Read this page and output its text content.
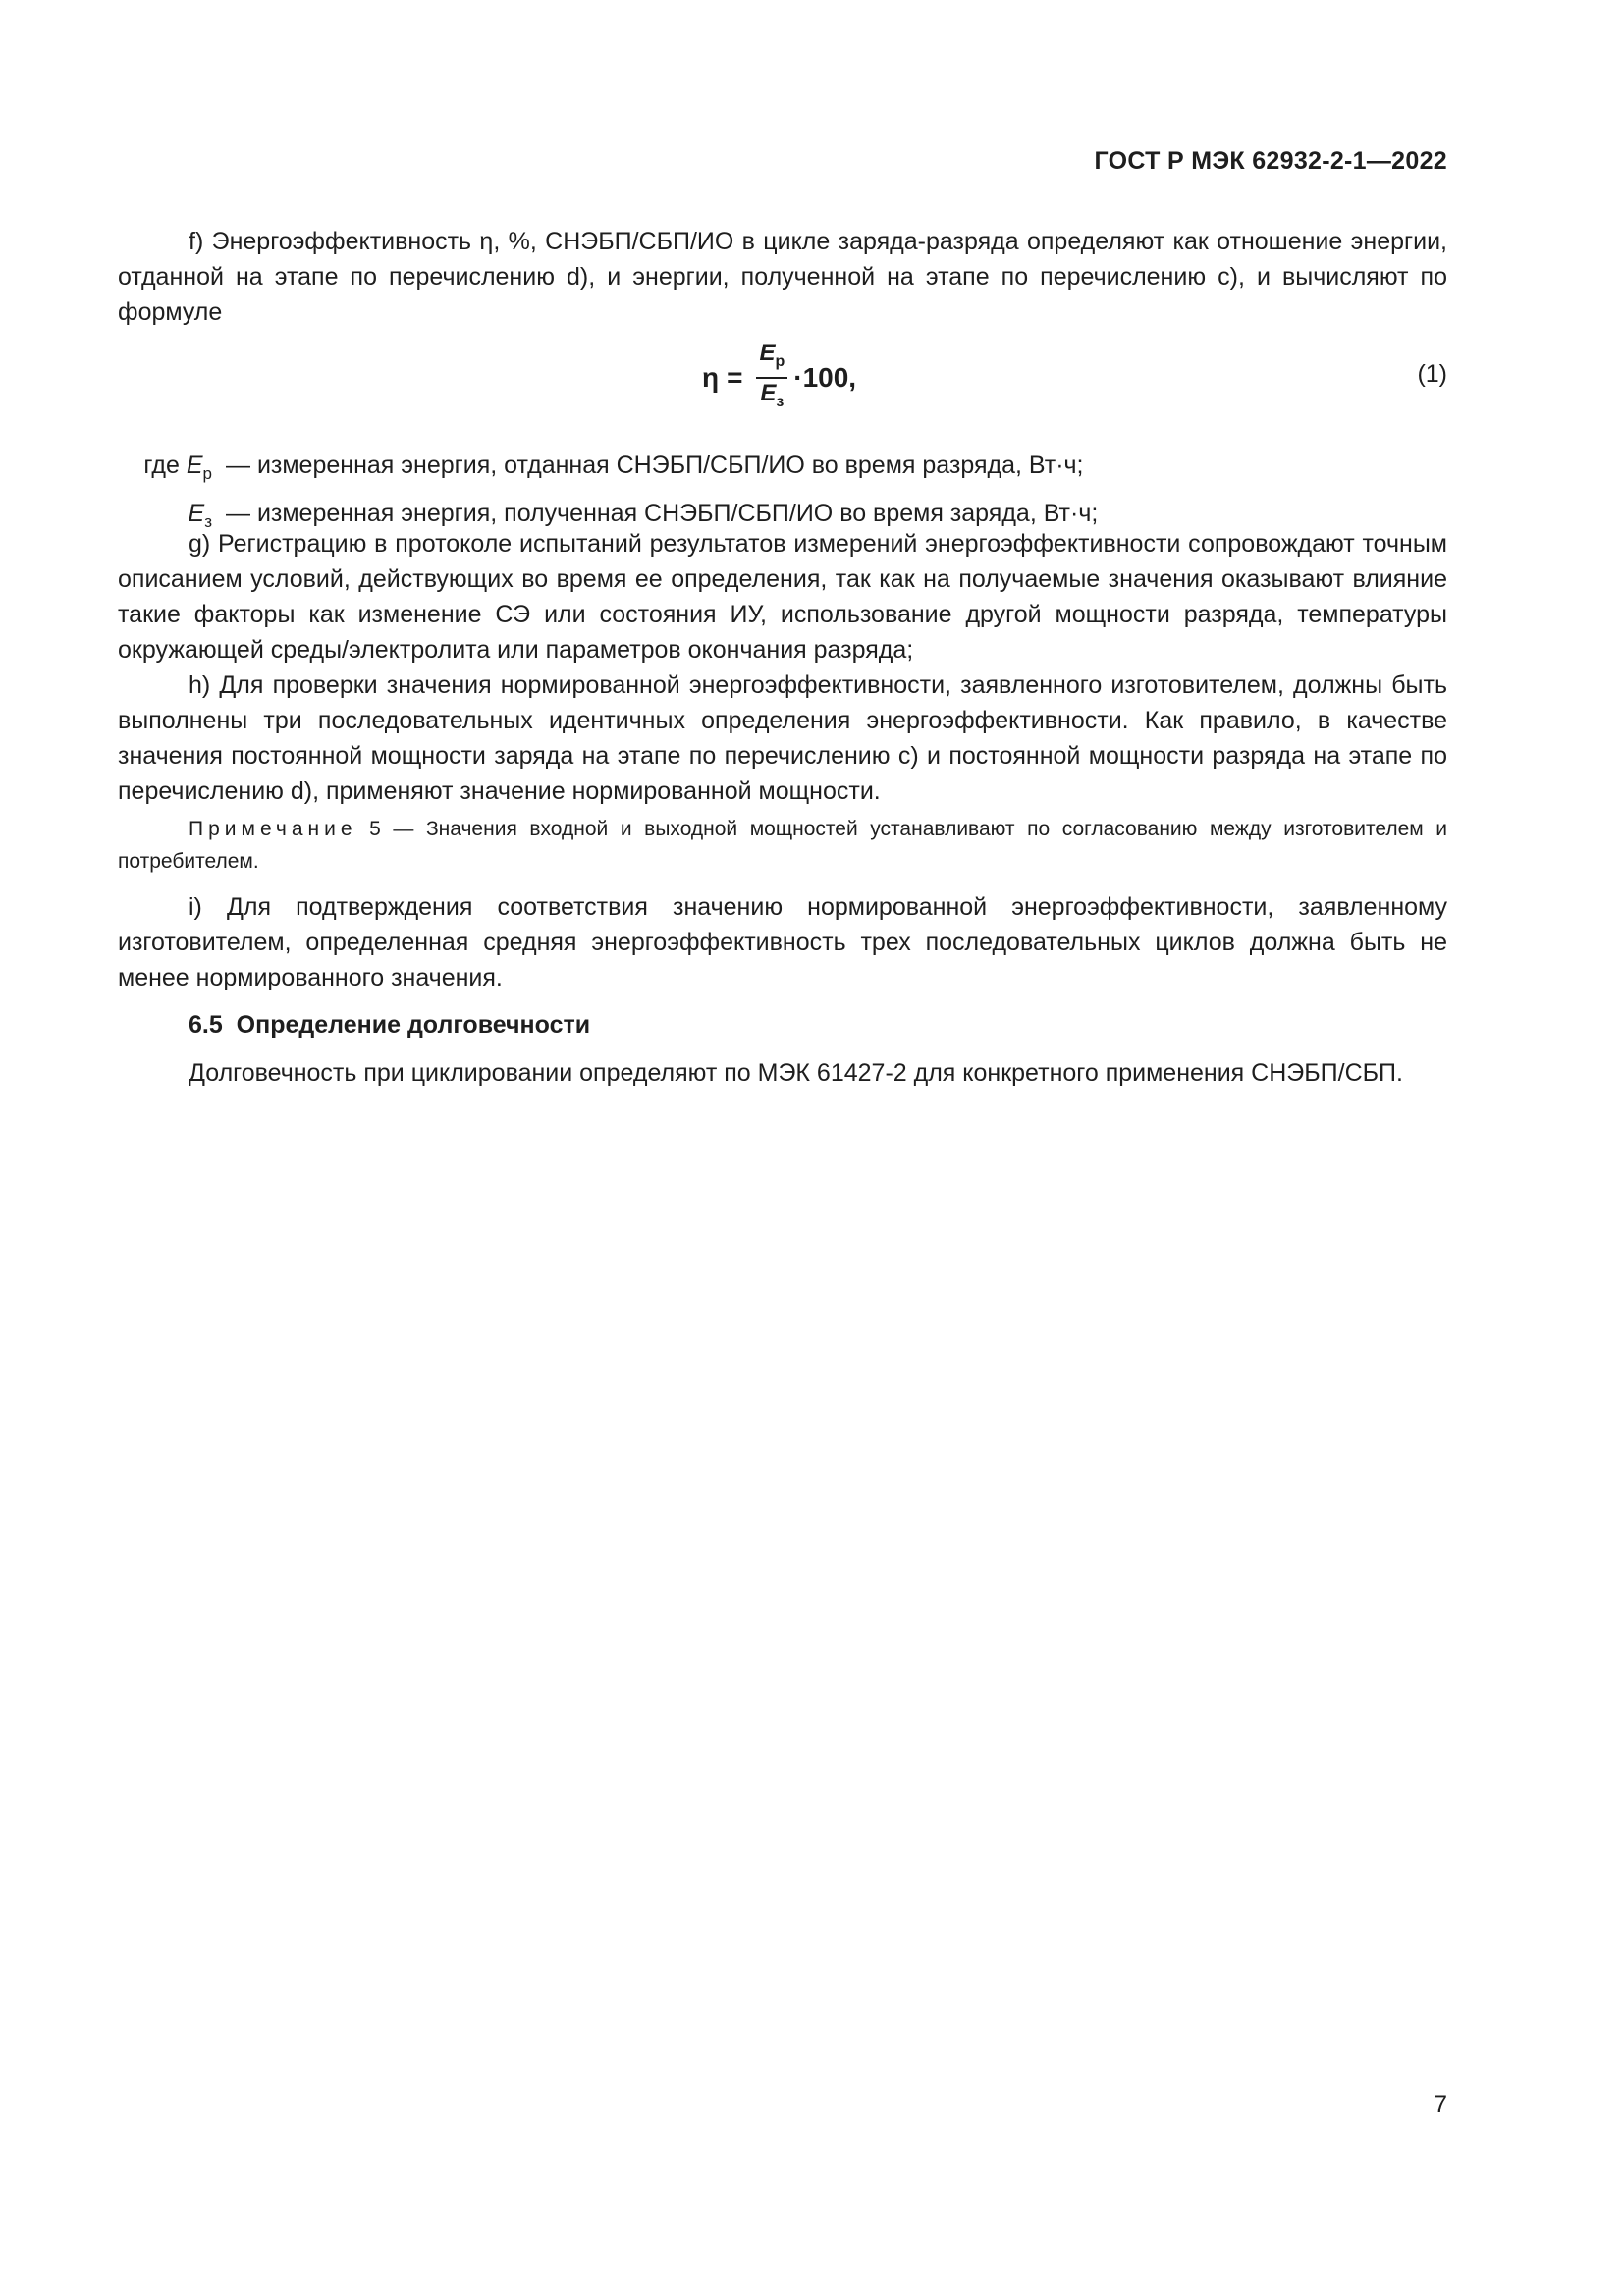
ГОСТ Р МЭК 62932-2-1—2022

f) Энергоэффективность η, %, СНЭБП/СБП/ИО в цикле заряда-разряда определяют как отношение энергии, отданной на этапе по перечислению d), и энергии, полученной на этапе по перечислению c), и вычисляют по формуле

$\eta = \frac{E_р}{E_з} \cdot 100$,	(1)
где $E_р$ — измеренная энергия, отданная СНЭБП/СБП/ИО во время разряда, Вт·ч;
$E_з$ — измеренная энергия, полученная СНЭБП/СБП/ИО во время заряда, Вт·ч;

g) Регистрацию в протоколе испытаний результатов измерений энергоэффективности сопровождают точным описанием условий, действующих во время ее определения, так как на получаемые значения оказывают влияние такие факторы как изменение СЭ или состояния ИУ, использование другой мощности разряда, температуры окружающей среды/электролита или параметров окончания разряда;

h) Для проверки значения нормированной энергоэффективности, заявленного изготовителем, должны быть выполнены три последовательных идентичных определения энергоэффективности. Как правило, в качестве значения постоянной мощности заряда на этапе по перечислению c) и постоянной мощности разряда на этапе по перечислению d), применяют значение нормированной мощности.

Примечание 5 — Значения входной и выходной мощностей устанавливают по согласованию между изготовителем и потребителем.

i) Для подтверждения соответствия значению нормированной энергоэффективности, заявленному изготовителем, определенная средняя энергоэффективность трех последовательных циклов должна быть не менее нормированного значения.

6.5 Определение долговечности

Долговечность при циклировании определяют по МЭК 61427-2 для конкретного применения СНЭБП/СБП.

7
